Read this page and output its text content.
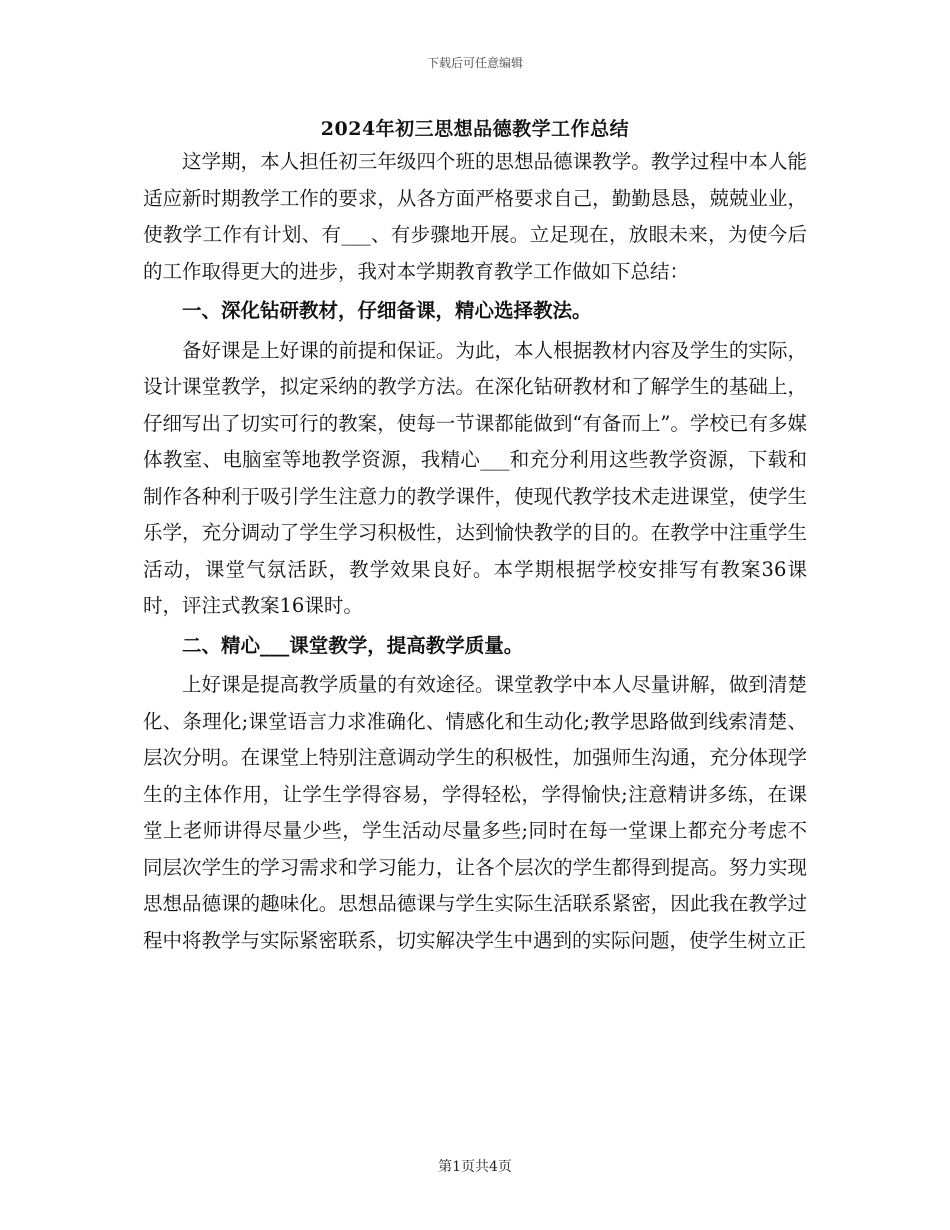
下载后可任意编辑
2024年初三思想品德教学工作总结

这学期，本人担任初三年级四个班的思想品德课教学。教学过程中本人能适应新时期教学工作的要求，从各方面严格要求自己，勤勤恳恳，兢兢业业，使教学工作有计划、有___、有步骤地开展。立足现在，放眼未来，为使今后的工作取得更大的进步，我对本学期教育教学工作做如下总结：

一、深化钻研教材，仔细备课，精心选择教法。

备好课是上好课的前提和保证。为此，本人根据教材内容及学生的实际，设计课堂教学，拟定采纳的教学方法。在深化钻研教材和了解学生的基础上，仔细写出了切实可行的教案，使每一节课都能做到“有备而上”。学校已有多媒体教室、电脑室等地教学资源，我精心___和充分利用这些教学资源，下载和制作各种利于吸引学生注意力的教学课件，使现代教学技术走进课堂，使学生乐学，充分调动了学生学习积极性，达到愉快教学的目的。在教学中注重学生活动，课堂气氛活跃，教学效果良好。本学期根据学校安排写有教案36课时，评注式教案16课时。

二、精心___课堂教学，提高教学质量。

上好课是提高教学质量的有效途径。课堂教学中本人尽量讲解，做到清楚化、条理化;课堂语言力求准确化、情感化和生动化;教学思路做到线索清楚、层次分明。在课堂上特别注意调动学生的积极性，加强师生沟通，充分体现学生的主体作用，让学生学得容易，学得轻松，学得愉快;注意精讲多练，在课堂上老师讲得尽量少些，学生活动尽量多些;同时在每一堂课上都充分考虑不同层次学生的学习需求和学习能力，让各个层次的学生都得到提高。努力实现思想品德课的趣味化。思想品德课与学生实际生活联系紧密，因此我在教学过程中将教学与实际紧密联系，切实解决学生中遇到的实际问题，使学生树立正

第1页共4页
